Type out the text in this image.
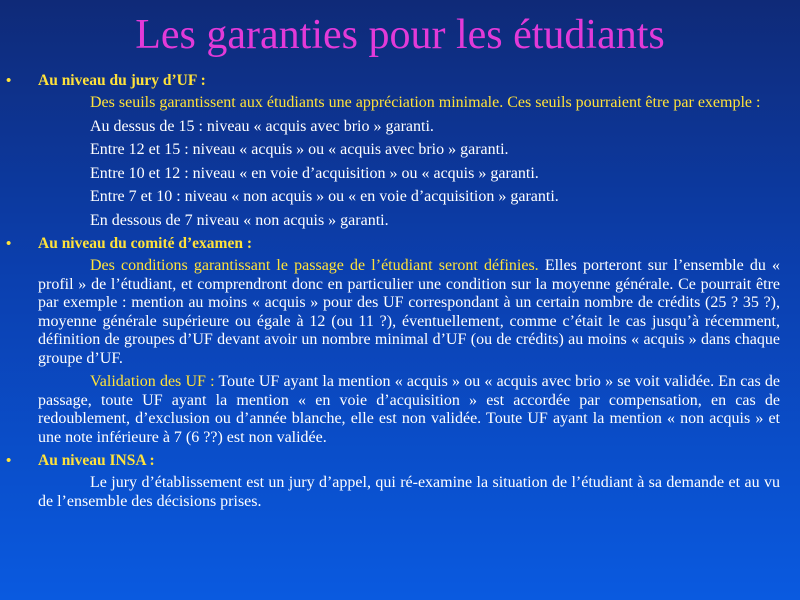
Les garanties pour les étudiants
• Au niveau du jury d’UF :
Des seuils garantissent aux étudiants une appréciation minimale. Ces seuils pourraient être par exemple :
Au dessus de 15 : niveau « acquis avec brio » garanti.
Entre 12 et 15 : niveau « acquis » ou « acquis avec brio » garanti.
Entre 10 et 12 : niveau « en voie d’acquisition » ou « acquis » garanti.
Entre 7 et 10 : niveau « non acquis » ou « en voie d’acquisition » garanti.
En dessous de 7 niveau « non acquis » garanti.
• Au niveau du comité d’examen :
Des conditions garantissant le passage de l’étudiant seront définies. Elles porteront sur l’ensemble du « profil » de l’étudiant, et comprendront donc en particulier une condition sur la moyenne générale. Ce pourrait être par exemple : mention au moins « acquis » pour des UF correspondant à un certain nombre de crédits (25 ? 35 ?), moyenne générale supérieure ou égale à 12 (ou 11 ?), éventuellement, comme c’était le cas jusqu’à récemment, définition de groupes d’UF devant avoir un nombre minimal d’UF (ou de crédits) au moins « acquis » dans chaque groupe d’UF.
Validation des UF : Toute UF ayant la mention « acquis » ou « acquis avec brio » se voit validée. En cas de passage, toute UF ayant la mention « en voie d’acquisition » est accordée par compensation, en cas de redoublement, d’exclusion ou d’année blanche, elle est non validée. Toute UF ayant la mention « non acquis » et une note inférieure à 7 (6 ??) est non validée.
• Au niveau INSA :
Le jury d’établissement est un jury d’appel, qui ré-examine la situation de l’étudiant à sa demande et au vu de l’ensemble des décisions prises.
